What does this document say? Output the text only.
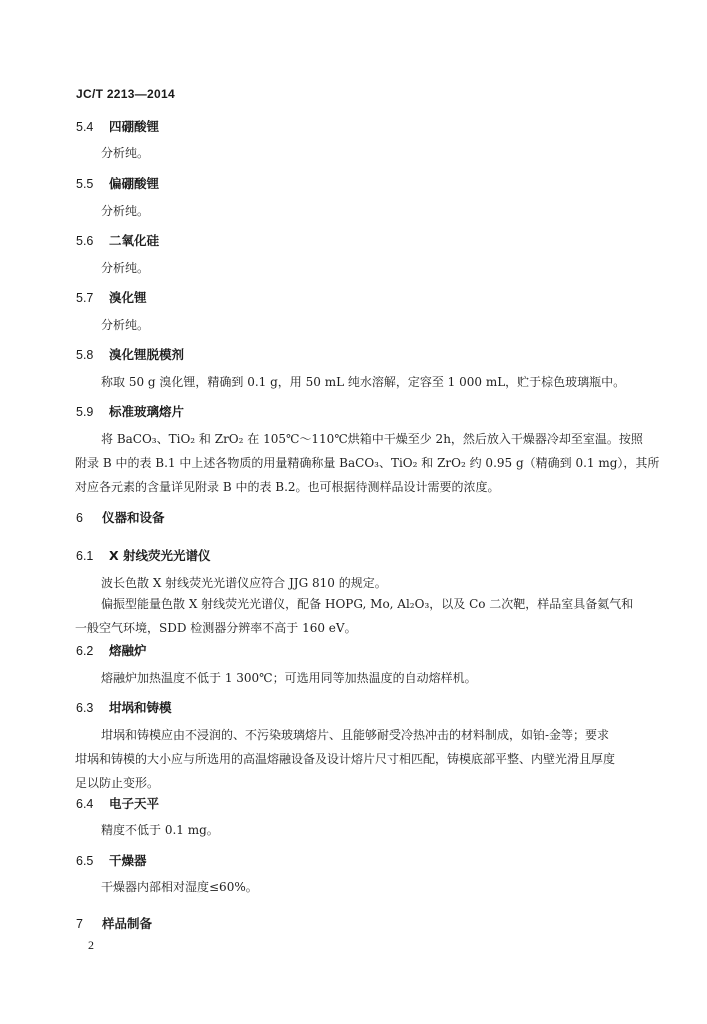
JC/T 2213—2014
5.4 四硼酸锂
分析纯。
5.5 偏硼酸锂
分析纯。
5.6 二氧化硅
分析纯。
5.7 溴化锂
分析纯。
5.8 溴化锂脱模剂
称取 50 g 溴化锂，精确到 0.1 g，用 50 mL 纯水溶解，定容至 1 000 mL，贮于棕色玻璃瓶中。
5.9 标准玻璃熔片
将 BaCO₃、TiO₂ 和 ZrO₂ 在 105℃～110℃烘箱中干燥至少 2h，然后放入干燥器冷却至室温。按照
附录 B 中的表 B.1 中上述各物质的用量精确称量 BaCO₃、TiO₂ 和 ZrO₂ 约 0.95 g（精确到 0.1 mg），其所
对应各元素的含量详见附录 B 中的表 B.2。也可根据待测样品设计需要的浓度。
6 仪器和设备
6.1 X 射线荧光光谱仪
波长色散 X 射线荧光光谱仪应符合 JJG 810 的规定。
偏振型能量色散 X 射线荧光光谱仪，配备 HOPG, Mo, Al₂O₃，以及 Co 二次靶，样品室具备氦气和
一般空气环境，SDD 检测器分辨率不高于 160 eV。
6.2 熔融炉
熔融炉加热温度不低于 1 300℃；可选用同等加热温度的自动熔样机。
6.3 坩埚和铸模
坩埚和铸模应由不浸润的、不污染玻璃熔片、且能够耐受冷热冲击的材料制成，如铂-金等；要求
坩埚和铸模的大小应与所选用的高温熔融设备及设计熔片尺寸相匹配，铸模底部平整、内壁光滑且厚度
足以防止变形。
6.4 电子天平
精度不低于 0.1 mg。
6.5 干燥器
干燥器内部相对湿度≤60%。
7 样品制备
2
